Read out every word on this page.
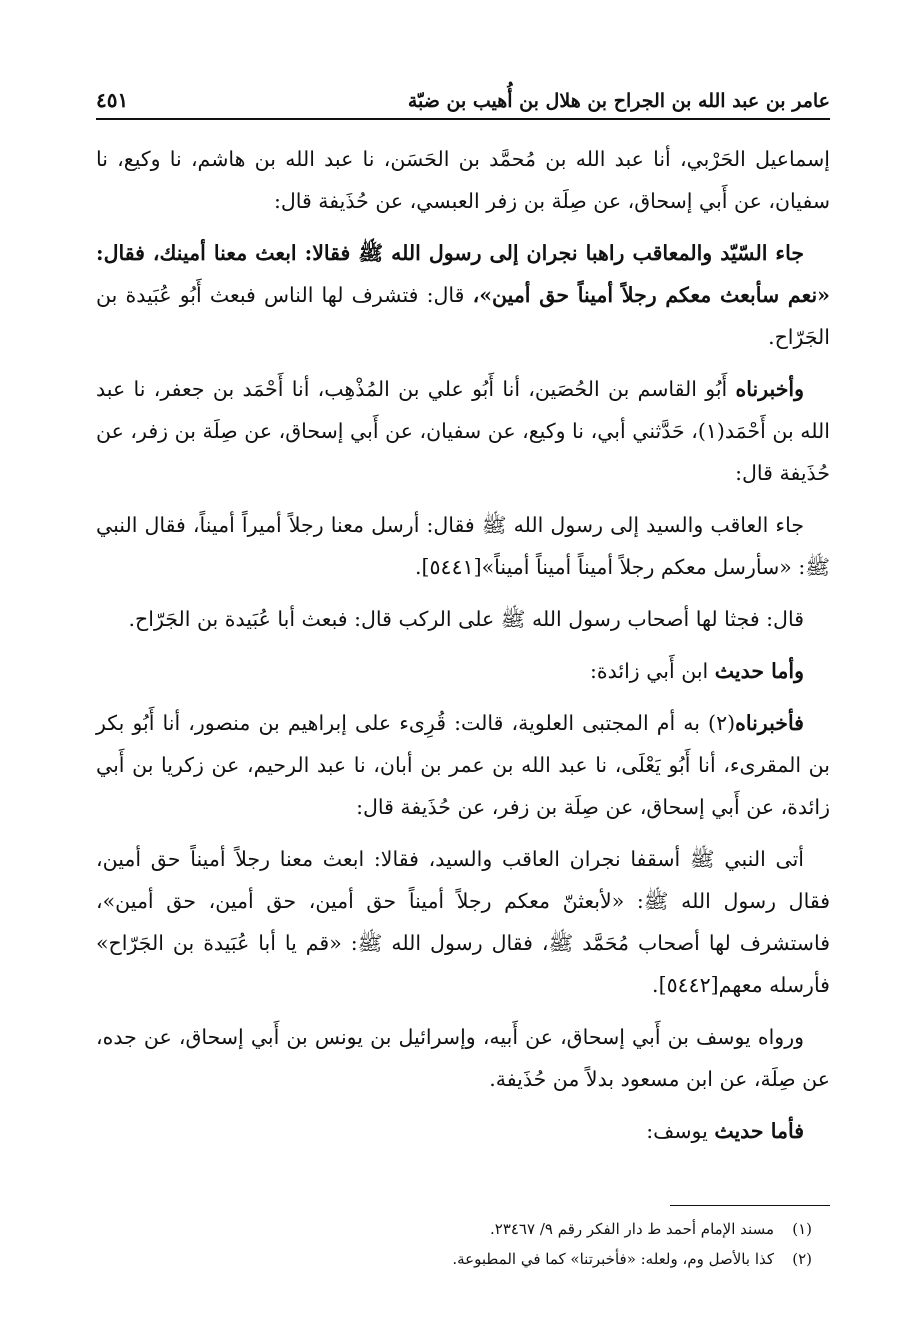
عامر بن عبد الله بن الجراح بن هلال بن أُهيب بن ضبّة
٤٥١

إسماعيل الحَرْبي، أنا عبد الله بن مُحمَّد بن الحَسَن، نا عبد الله بن هاشم، نا وكيع، نا سفيان، عن أَبي إسحاق، عن صِلَة بن زفر العبسي، عن حُذَيفة قال:

جاء السّيّد والمعاقب راهبا نجران إلى رسول الله ﷺ فقالا: ابعث معنا أمينك، فقال: «نعم سأبعث معكم رجلاً أميناً حق أمين»، قال: فتشرف لها الناس فبعث أَبُو عُبَيدة بن الجَرّاح.

وأخبرناه أَبُو القاسم بن الحُصَين، أنا أَبُو علي بن المُذْهِب، أنا أَحْمَد بن جعفر، نا عبد الله بن أَحْمَد(١)، حَدَّثني أبي، نا وكيع، عن سفيان، عن أَبي إسحاق، عن صِلَة بن زفر، عن حُذَيفة قال:

جاء العاقب والسيد إلى رسول الله ﷺ فقال: أرسل معنا رجلاً أميراً أميناً، فقال النبي ﷺ: «سأرسل معكم رجلاً أميناً أميناً أميناً»[٥٤٤١].

قال: فجثا لها أصحاب رسول الله ﷺ على الركب قال: فبعث أبا عُبَيدة بن الجَرّاح.

وأما حديث ابن أَبي زائدة:

فأخبرناه(٢) به أم المجتبى العلوية، قالت: قُرِىء على إبراهيم بن منصور، أنا أَبُو بكر بن المقرىء، أنا أَبُو يَعْلَى، نا عبد الله بن عمر بن أبان، نا عبد الرحيم، عن زكريا بن أَبي زائدة، عن أَبي إسحاق، عن صِلَة بن زفر، عن حُذَيفة قال:

أتى النبي ﷺ أسقفا نجران العاقب والسيد، فقالا: ابعث معنا رجلاً أميناً حق أمين، فقال رسول الله ﷺ: «لأبعثنّ معكم رجلاً أميناً حق أمين، حق أمين، حق أمين»، فاستشرف لها أصحاب مُحَمَّد ﷺ، فقال رسول الله ﷺ: «قم يا أبا عُبَيدة بن الجَرّاح» فأرسله معهم[٥٤٤٢].

ورواه يوسف بن أَبي إسحاق، عن أَبيه، وإسرائيل بن يونس بن أَبي إسحاق، عن جده، عن صِلَة، عن ابن مسعود بدلاً من حُذَيفة.

فأما حديث يوسف:

(١)
مسند الإمام أحمد ط دار الفكر رقم ٩/ ٢٣٤٦٧.
(٢)
كذا بالأصل وم، ولعله: «فأخبرتنا» كما في المطبوعة.
